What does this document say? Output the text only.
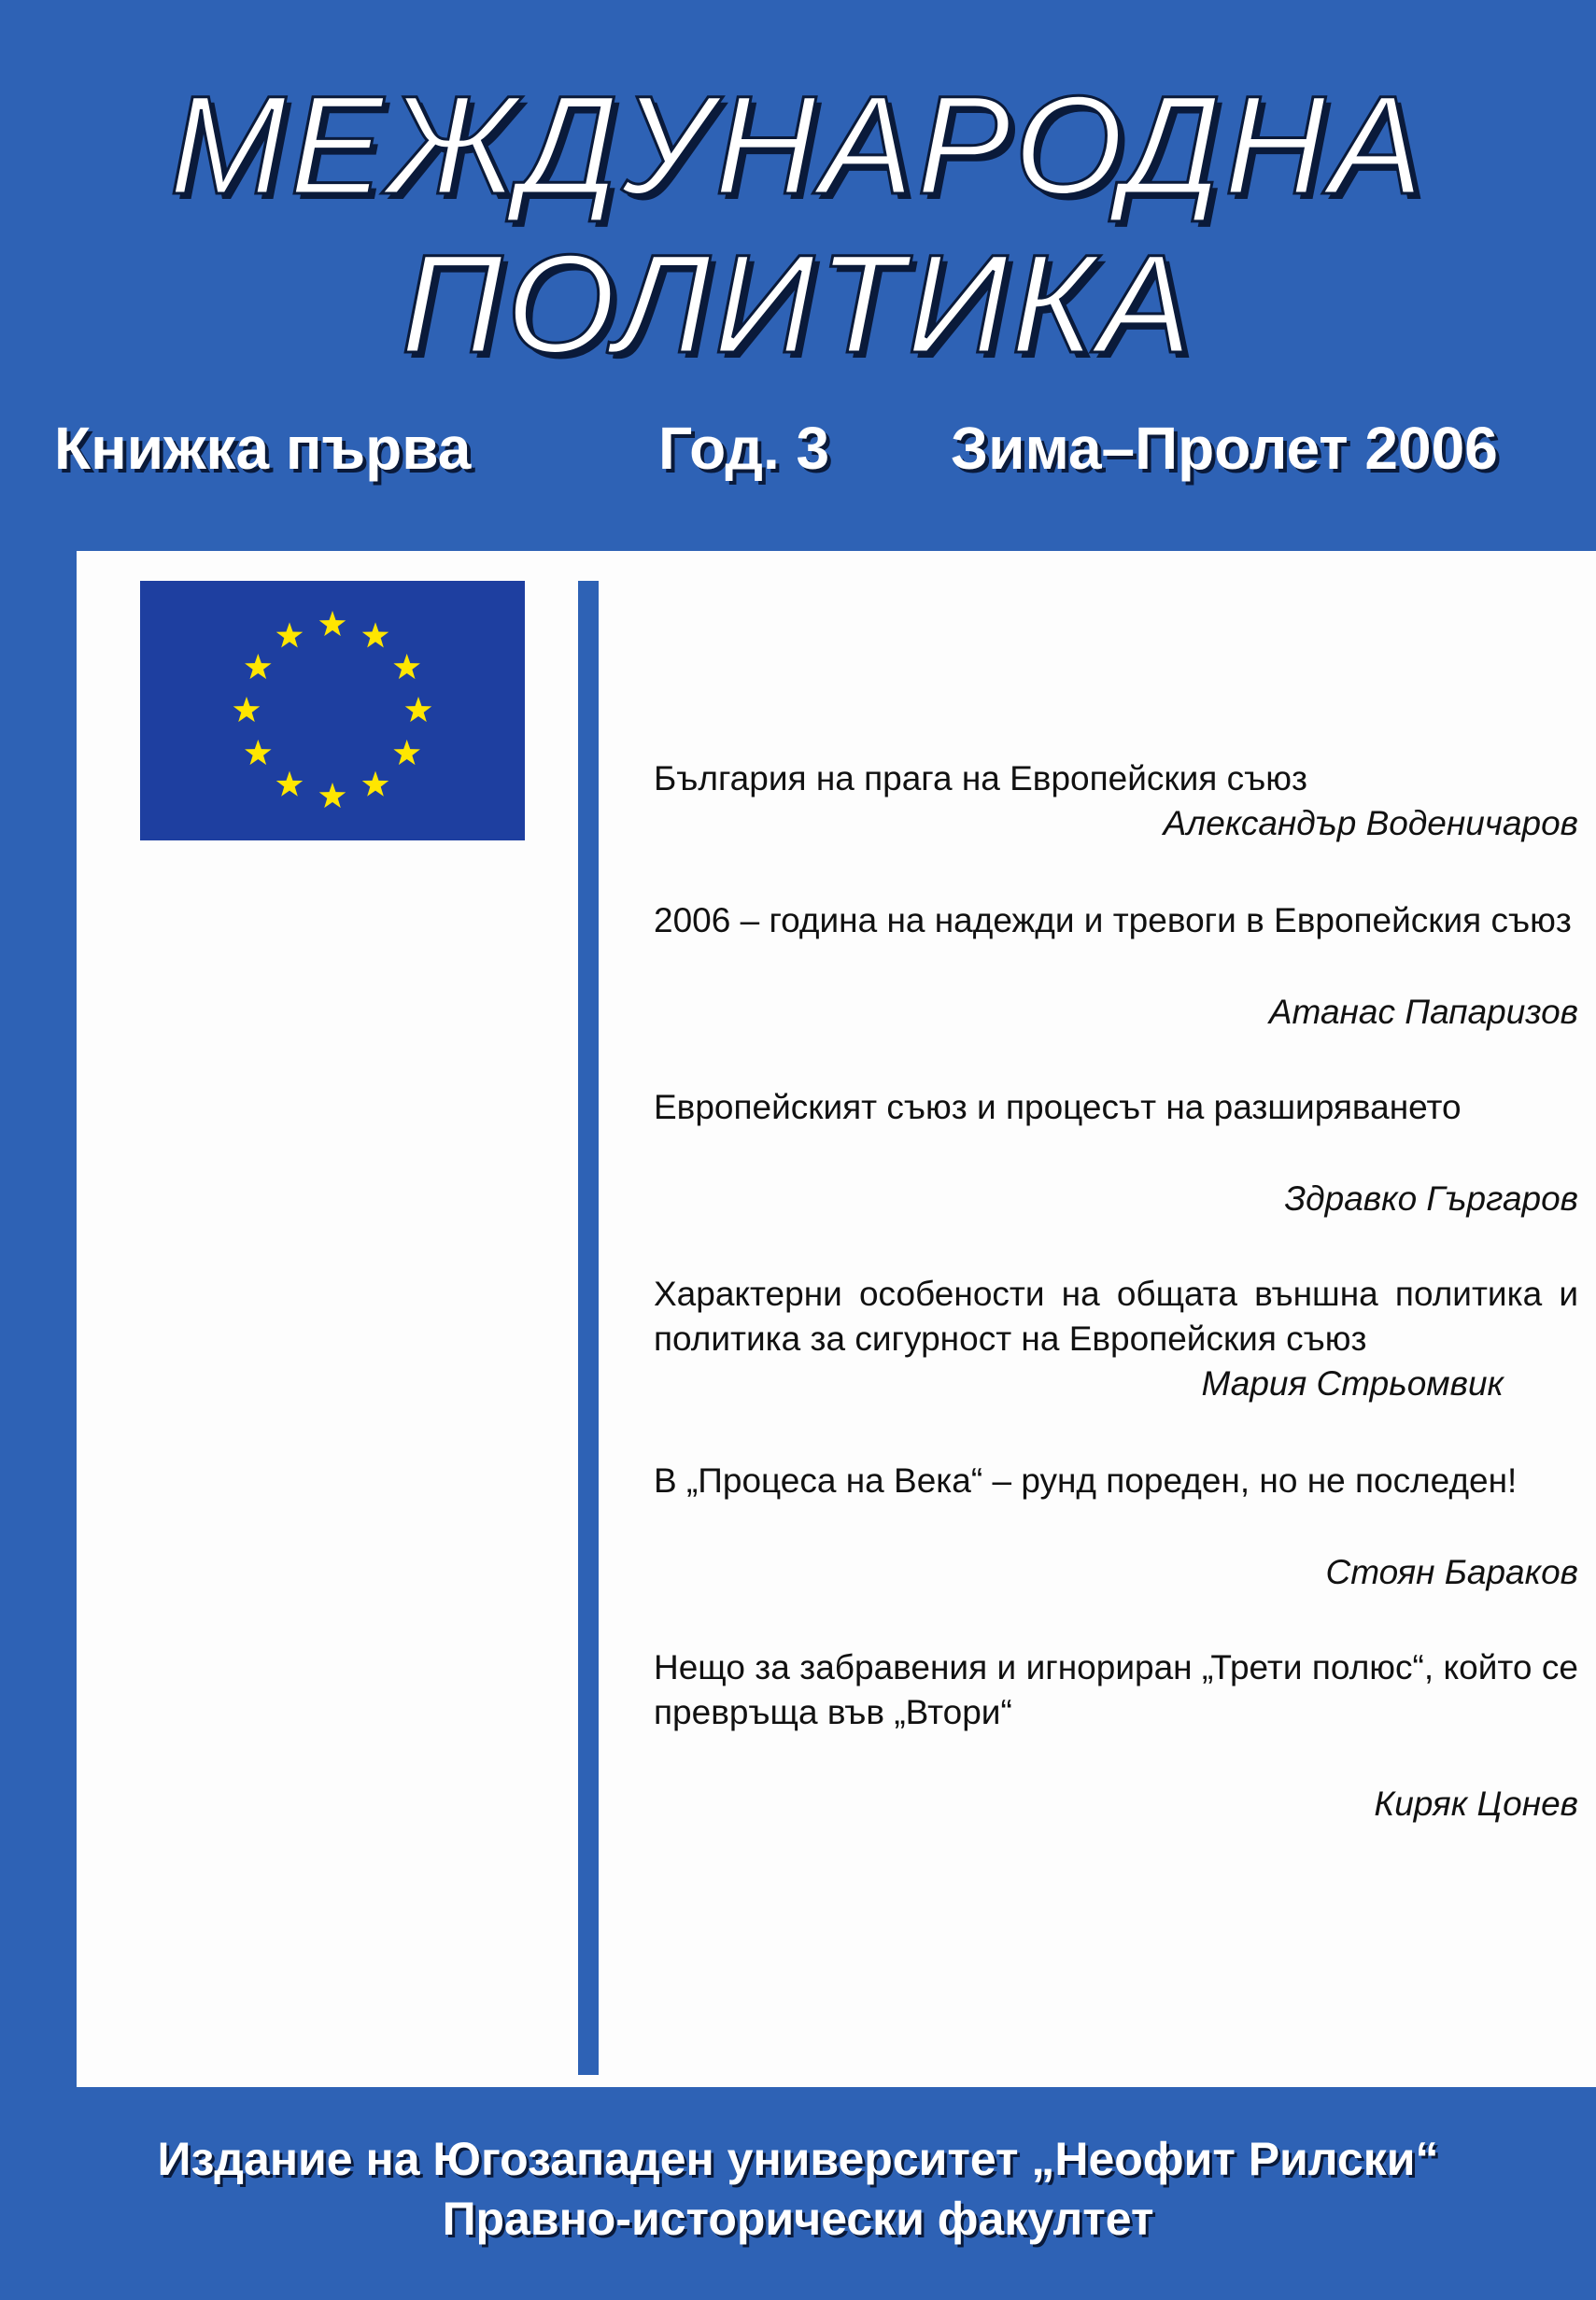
МЕЖДУНАРОДНА
ПОЛИТИКА
Книжка първа	Год. 3 Зима–Пролет 2006
България на прага на Европейския съюз
Александър Воденичаров
2006 – година на надежди и тревоги в Европейския съюз
Атанас Папаризов
Европейският съюз и процесът на разширяването
Здравко Гъргаров
Характерни особености на общата външна политика и политика за сигурност на Европейския съюз
Мария Стрьомвик
В „Процеса на Века“ – рунд пореден, но не последен!
Стоян Бараков
Нещо за забравения и игнориран „Трети полюс“, който се превръща във „Втори“
Киряк Цонев
Издание на Югозападен университет „Неофит Рилски“
Правно-исторически факултет
